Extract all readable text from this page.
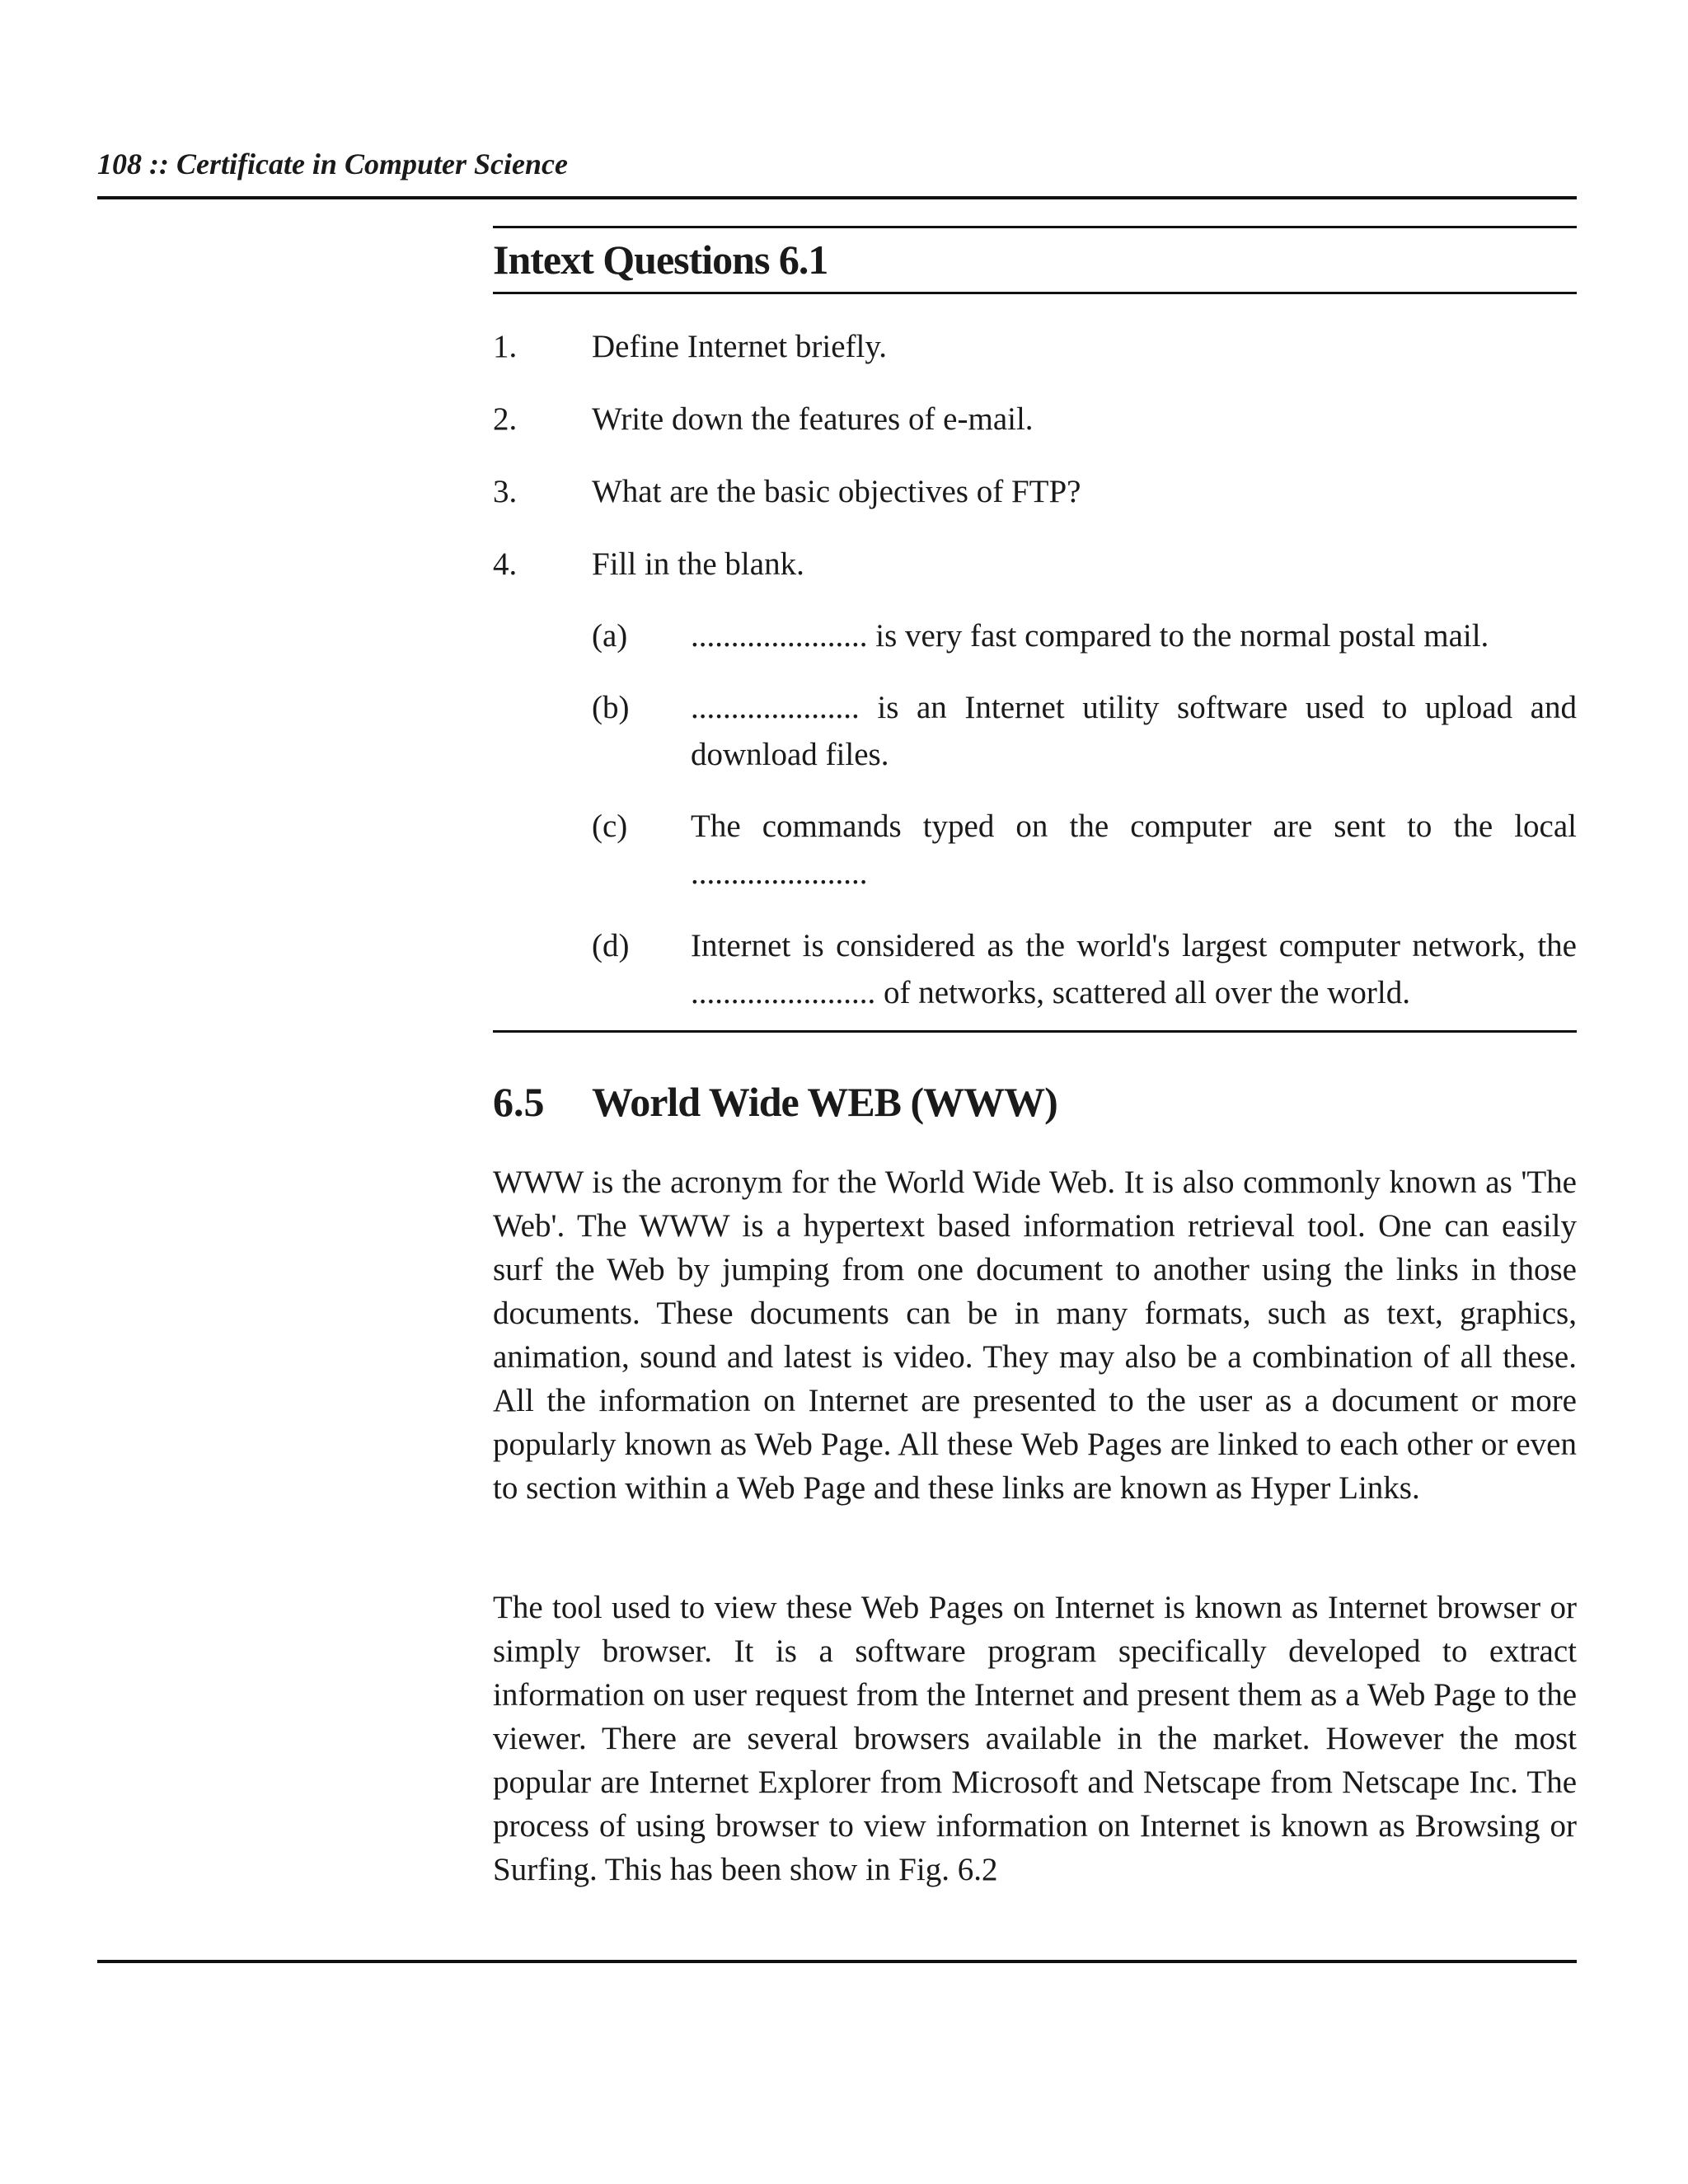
108 :: Certificate in Computer Science
Intext Questions 6.1
1. Define Internet briefly.
2. Write down the features of e-mail.
3. What are the basic objectives of FTP?
4. Fill in the blank.
(a) ...................... is very fast compared to the normal postal mail.
(b) ..................... is an Internet utility software used to upload and download files.
(c) The commands typed on the computer are sent to the local ......................
(d) Internet is considered as the world's largest computer network, the ....................... of networks, scattered all over the world.
6.5 World Wide WEB (WWW)
WWW is the acronym for the World Wide Web. It is also commonly known as 'The Web'. The WWW is a hypertext based information retrieval tool. One can easily surf the Web by jumping from one document to another using the links in those documents. These documents can be in many formats, such as text, graphics, animation, sound and latest is video. They may also be a combination of all these. All the information on Internet are presented to the user as a document or more popularly known as Web Page. All these Web Pages are linked to each other or even to section within a Web Page and these links are known as Hyper Links.
The tool used to view these Web Pages on Internet is known as Internet browser or simply browser. It is a software program specifically developed to extract information on user request from the Internet and present them as a Web Page to the viewer. There are several browsers available in the market. However the most popular are Internet Explorer from Microsoft and Netscape from Netscape Inc. The process of using browser to view information on Internet is known as Browsing or Surfing. This has been show in Fig. 6.2
